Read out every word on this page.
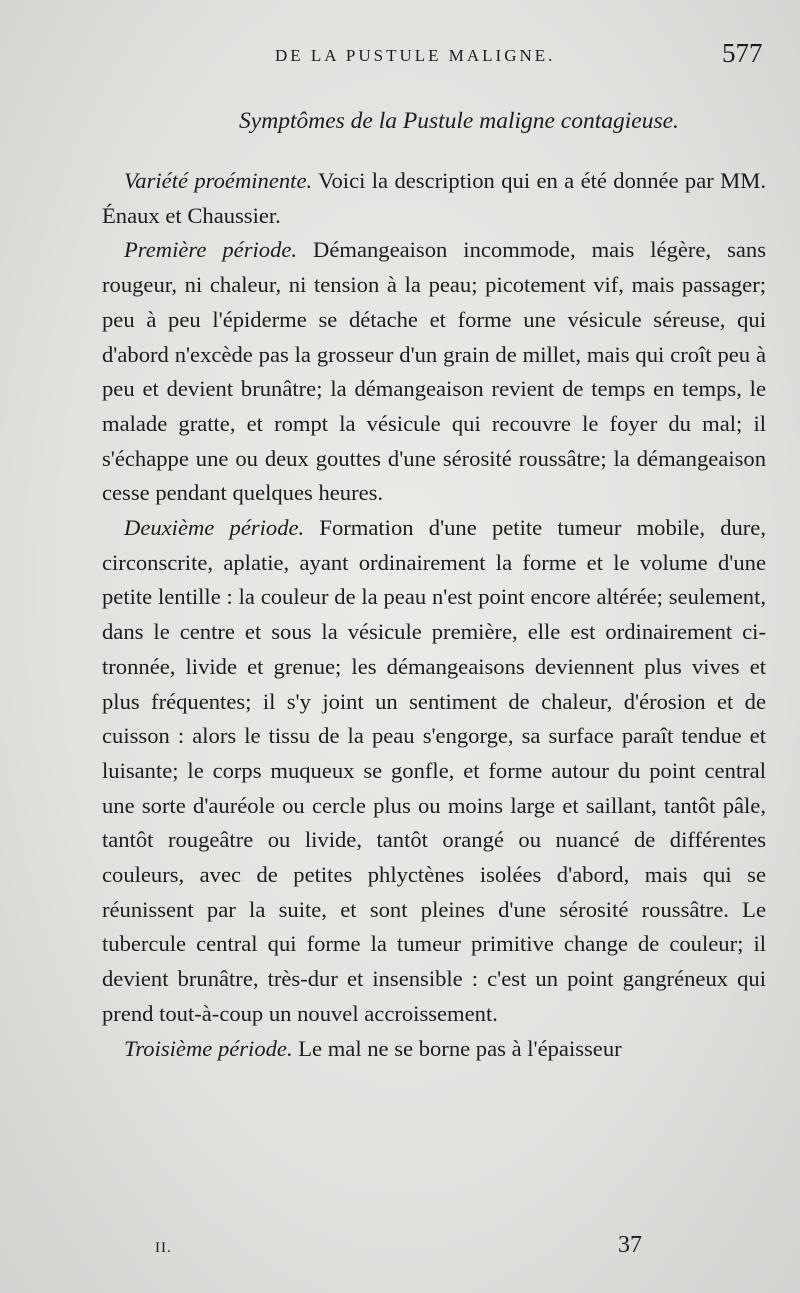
DE LA PUSTULE MALIGNE.	577
Symptômes de la Pustule maligne contagieuse.

Variété proéminente. Voici la description qui en a été donnée par MM. Énaux et Chaussier.

Première période. Démangeaison incommode, mais légère, sans rougeur, ni chaleur, ni tension à la peau; picotement vif, mais passager; peu à peu l'épiderme se détache et forme une vésicule séreuse, qui d'abord n'excède pas la grosseur d'un grain de millet, mais qui croît peu à peu et devient brunâtre; la démangeaison revient de temps en temps, le malade gratte, et rompt la vésicule qui recouvre le foyer du mal; il s'échappe une ou deux gouttes d'une sérosité roussâtre; la démangeaison cesse pendant quelques heures.

Deuxième période. Formation d'une petite tumeur mobile, dure, circonscrite, aplatie, ayant ordinairement la forme et le volume d'une petite lentille : la couleur de la peau n'est point encore altérée; seulement, dans le centre et sous la vésicule première, elle est ordinairement citronnée, livide et grenue; les démangeaisons deviennent plus vives et plus fréquentes; il s'y joint un sentiment de chaleur, d'érosion et de cuisson : alors le tissu de la peau s'engorge, sa surface paraît tendue et luisante; le corps muqueux se gonfle, et forme autour du point central une sorte d'auréole ou cercle plus ou moins large et saillant, tantôt pâle, tantôt rougeâtre ou livide, tantôt orangé ou nuancé de différentes couleurs, avec de petites phlyctènes isolées d'abord, mais qui se réunissent par la suite, et sont pleines d'une sérosité roussâtre. Le tubercule central qui forme la tumeur primitive change de couleur; il devient brunâtre, très-dur et insensible : c'est un point gangréneux qui prend tout-à-coup un nouvel accroissement.

Troisième période. Le mal ne se borne pas à l'épaisseur

II.	37
